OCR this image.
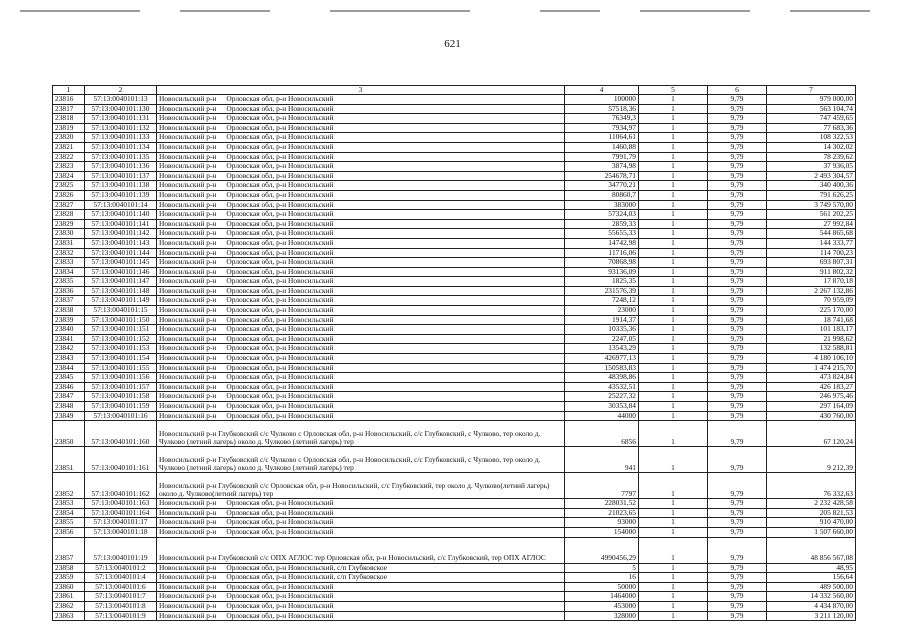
621
1	2	3	4	5	6	7
23816	57:13:0040101:13	Новосильский р-н Орловская обл, р-н Новосильский	100000	1	9,79	979 000,00
23817	57:13:0040101:130	Новосильский р-н Орловская обл, р-н Новосильский	57518,36	1	9,79	563 104,74
23818	57:13:0040101:131	Новосильский р-н Орловская обл, р-н Новосильский	76349,3	1	9,79	747 459,65
23819	57:13:0040101:132	Новосильский р-н Орловская обл, р-н Новосильский	7934,97	1	9,79	77 683,36
23820	57:13:0040101:133	Новосильский р-н Орловская обл, р-н Новосильский	11064,61	1	9,79	108 322,53
23821	57:13:0040101:134	Новосильский р-н Орловская обл, р-н Новосильский	1460,88	1	9,79	14 302,02
23822	57:13:0040101:135	Новосильский р-н Орловская обл, р-н Новосильский	7991,79	1	9,79	78 239,62
23823	57:13:0040101:136	Новосильский р-н Орловская обл, р-н Новосильский	3874,98	1	9,79	37 936,05
23824	57:13:0040101:137	Новосильский р-н Орловская обл, р-н Новосильский	254678,71	1	9,79	2 493 304,57
23825	57:13:0040101:138	Новосильский р-н Орловская обл, р-н Новосильский	34770,21	1	9,79	340 400,36
23826	57:13:0040101:139	Новосильский р-н Орловская обл, р-н Новосильский	80860,7	1	9,79	791 626,25
23827	57:13:0040101:14	Новосильский р-н Орловская обл, р-н Новосильский	383000	1	9,79	3 749 570,00
23828	57:13:0040101:140	Новосильский р-н Орловская обл, р-н Новосильский	57324,03	1	9,79	561 202,25
23829	57:13:0040101:141	Новосильский р-н Орловская обл, р-н Новосильский	2859,33	1	9,79	27 992,84
23830	57:13:0040101:142	Новосильский р-н Орловская обл, р-н Новосильский	55655,33	1	9,79	544 865,68
23831	57:13:0040101:143	Новосильский р-н Орловская обл, р-н Новосильский	14742,98	1	9,79	144 333,77
23832	57:13:0040101:144	Новосильский р-н Орловская обл, р-н Новосильский	11716,06	1	9,79	114 700,23
23833	57:13:0040101:145	Новосильский р-н Орловская обл, р-н Новосильский	70868,98	1	9,79	693 807,31
23834	57:13:0040101:146	Новосильский р-н Орловская обл, р-н Новосильский	93136,09	1	9,79	911 802,32
23835	57:13:0040101:147	Новосильский р-н Орловская обл, р-н Новосильский	1825,35	1	9,79	17 870,18
23836	57:13:0040101:148	Новосильский р-н Орловская обл, р-н Новосильский	231576,39	1	9,79	2 267 132,86
23837	57:13:0040101:149	Новосильский р-н Орловская обл, р-н Новосильский	7248,12	1	9,79	70 959,09
23838	57:13:0040101:15	Новосильский р-н Орловская обл, р-н Новосильский	23000	1	9,79	225 170,00
23839	57:13:0040101:150	Новосильский р-н Орловская обл, р-н Новосильский	1914,37	1	9,79	18 741,68
23840	57:13:0040101:151	Новосильский р-н Орловская обл, р-н Новосильский	10335,36	1	9,79	101 183,17
23841	57:13:0040101:152	Новосильский р-н Орловская обл, р-н Новосильский	2247,05	1	9,79	21 998,62
23842	57:13:0040101:153	Новосильский р-н Орловская обл, р-н Новосильский	13543,29	1	9,79	132 588,81
23843	57:13:0040101:154	Новосильский р-н Орловская обл, р-н Новосильский	426977,13	1	9,79	4 180 106,10
23844	57:13:0040101:155	Новосильский р-н Орловская обл, р-н Новосильский	150583,83	1	9,79	1 474 215,70
23845	57:13:0040101:156	Новосильский р-н Орловская обл, р-н Новосильский	48398,86	1	9,79	473 824,84
23846	57:13:0040101:157	Новосильский р-н Орловская обл, р-н Новосильский	43532,51	1	9,79	426 183,27
23847	57:13:0040101:158	Новосильский р-н Орловская обл, р-н Новосильский	25227,32	1	9,79	246 975,46
23848	57:13:0040101:159	Новосильский р-н Орловская обл, р-н Новосильский	30353,84	1	9,79	297 164,09
23849	57:13:0040101:16	Новосильский р-н Орловская обл, р-н Новосильский	44000	1	9,79	430 760,00
23850	57:13:0040101:160	Новосильский р-н Глубковский с/с Чулково с Орловская обл, р-н Новосильский, с/с Глубковский, с Чулково, тер около д. Чулково (летний лагерь) около д. Чулково (летний лагерь) тер	6856	1	9,79	67 120,24
23851	57:13:0040101:161	Новосильский р-н Глубковский с/с Чулково с Орловская обл, р-н Новосильский, с/с Глубковский, с Чулково, тер около д. Чулково (летний лагерь) около д. Чулково (летний лагерь) тер	941	1	9,79	9 212,39
23852	57:13:0040101:162	Новосильский р-н Глубковский с/с Орловская обл, р-н Новосильский, с/с Глубковский, тер около д. Чулково(летний лагерь) около д. Чулково(летний лагерь) тер	7797	1	9,79	76 332,63
23853	57:13:0040101:163	Новосильский р-н Орловская обл, р-н Новосильский	228031,52	1	9,79	2 232 428,58
23854	57:13:0040101:164	Новосильский р-н Орловская обл, р-н Новосильский	21023,65	1	9,79	205 821,53
23855	57:13:0040101:17	Новосильский р-н Орловская обл, р-н Новосильский	93000	1	9,79	910 470,00
23856	57:13:0040101:18	Новосильский р-н Орловская обл, р-н Новосильский	154000	1	9,79	1 507 660,00
23857	57:13:0040101:19	Новосильский р-н Глубковский с/с ОПХ АГЛОС тер Орловская обл, р-н Новосильский, с/с Глубковский, тер ОПХ АГЛОС	4990456,29	1	9,79	48 856 567,08
23858	57:13:0040101:2	Новосильский р-н Орловская обл, р-н Новосильский, с/п Глубковское	5	1	9,79	48,95
23859	57:13:0040101:4	Новосильский р-н Орловская обл, р-н Новосильский, с/п Глубковское	16	1	9,79	156,64
23860	57:13:0040101:6	Новосильский р-н Орловская обл, р-н Новосильский	50000	1	9,79	489 500,00
23861	57:13:0040101:7	Новосильский р-н Орловская обл, р-н Новосильский	1464000	1	9,79	14 332 560,00
23862	57:13:0040101:8	Новосильский р-н Орловская обл, р-н Новосильский	453000	1	9,79	4 434 870,00
23863	57:13:0040101:9	Новосильский р-н Орловская обл, р-н Новосильский	328000	1	9,79	3 211 120,00
